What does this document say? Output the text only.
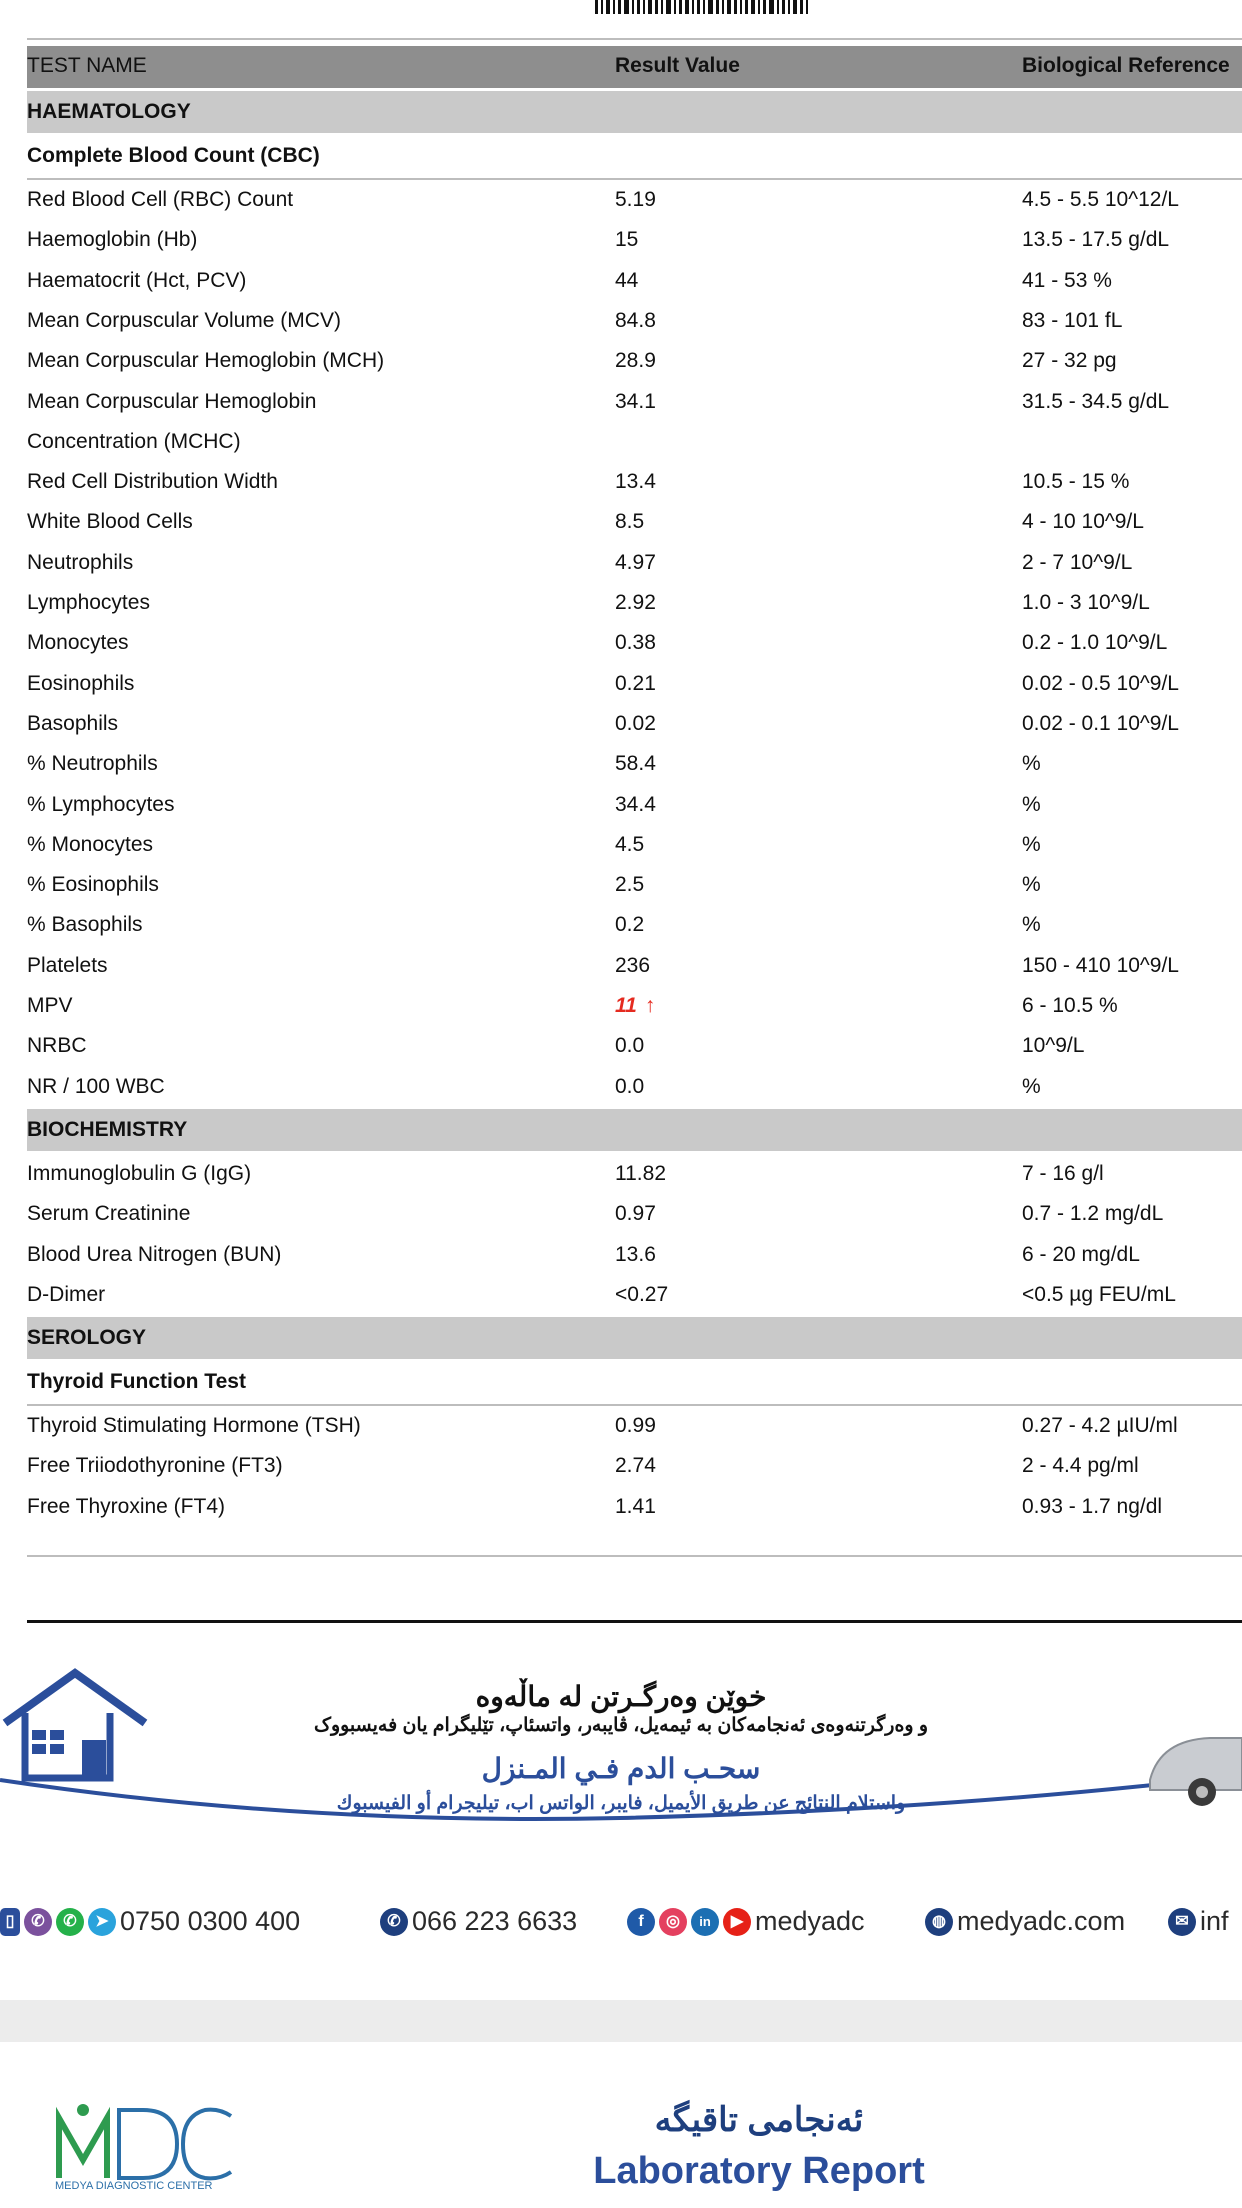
TEST NAME	Result Value	Biological Reference
HAEMATOLOGY
Complete Blood Count (CBC)
Red Blood Cell (RBC) Count	5.19	4.5 - 5.5 10^12/L
Haemoglobin (Hb)	15	13.5 - 17.5 g/dL
Haematocrit (Hct, PCV)	44	41 - 53 %
Mean Corpuscular Volume (MCV)	84.8	83 - 101 fL
Mean Corpuscular Hemoglobin (MCH)	28.9	27 - 32 pg
Mean Corpuscular Hemoglobin	34.1	31.5 - 34.5 g/dL
Concentration (MCHC)
Red Cell Distribution Width	13.4	10.5 - 15 %
White Blood Cells	8.5	4 - 10 10^9/L
Neutrophils	4.97	2 - 7 10^9/L
Lymphocytes	2.92	1.0 - 3 10^9/L
Monocytes	0.38	0.2 - 1.0 10^9/L
Eosinophils	0.21	0.02 - 0.5 10^9/L
Basophils	0.02	0.02 - 0.1 10^9/L
% Neutrophils	58.4	%
% Lymphocytes	34.4	%
% Monocytes	4.5	%
% Eosinophils	2.5	%
% Basophils	0.2	%
Platelets	236	150 - 410 10^9/L
MPV	11 ↑	6 - 10.5 %
NRBC	0.0	10^9/L
NR / 100 WBC	0.0	%
BIOCHEMISTRY
Immunoglobulin G (IgG)	11.82	7 - 16 g/l
Serum Creatinine	0.97	0.7 - 1.2 mg/dL
Blood Urea Nitrogen (BUN)	13.6	6 - 20 mg/dL
D-Dimer	<0.27	<0.5 µg FEU/mL
SEROLOGY
Thyroid Function Test
Thyroid Stimulating Hormone (TSH)	0.99	0.27 - 4.2 µIU/ml
Free Triiodothyronine (FT3)	2.74	2 - 4.4 pg/ml
Free Thyroxine (FT4)	1.41	0.93 - 1.7 ng/dl
خوێن وەرگـرتن لە ماڵەوە
و وەرگرتنەوەی ئەنجامەکان بە ئیمەیل، ڤایبەر، واتسئاپ، تێلیگرام یان فەیسبووک
سحـب الدم فـي المـنزل
واستلام النتائج عن طريق الأيميل، فايبر، الواتس اب، تيليجرام أو الفيسبوك
▯	✆	✆	➤ 0750 0300 400	✆ 066 223 6633	f	◎	in	▶ medyadc	◍ medyadc.com	✉ inf
MDC
MEDYA DIAGNOSTIC CENTER
ئەنجامی تاقیگە
Laboratory Report
